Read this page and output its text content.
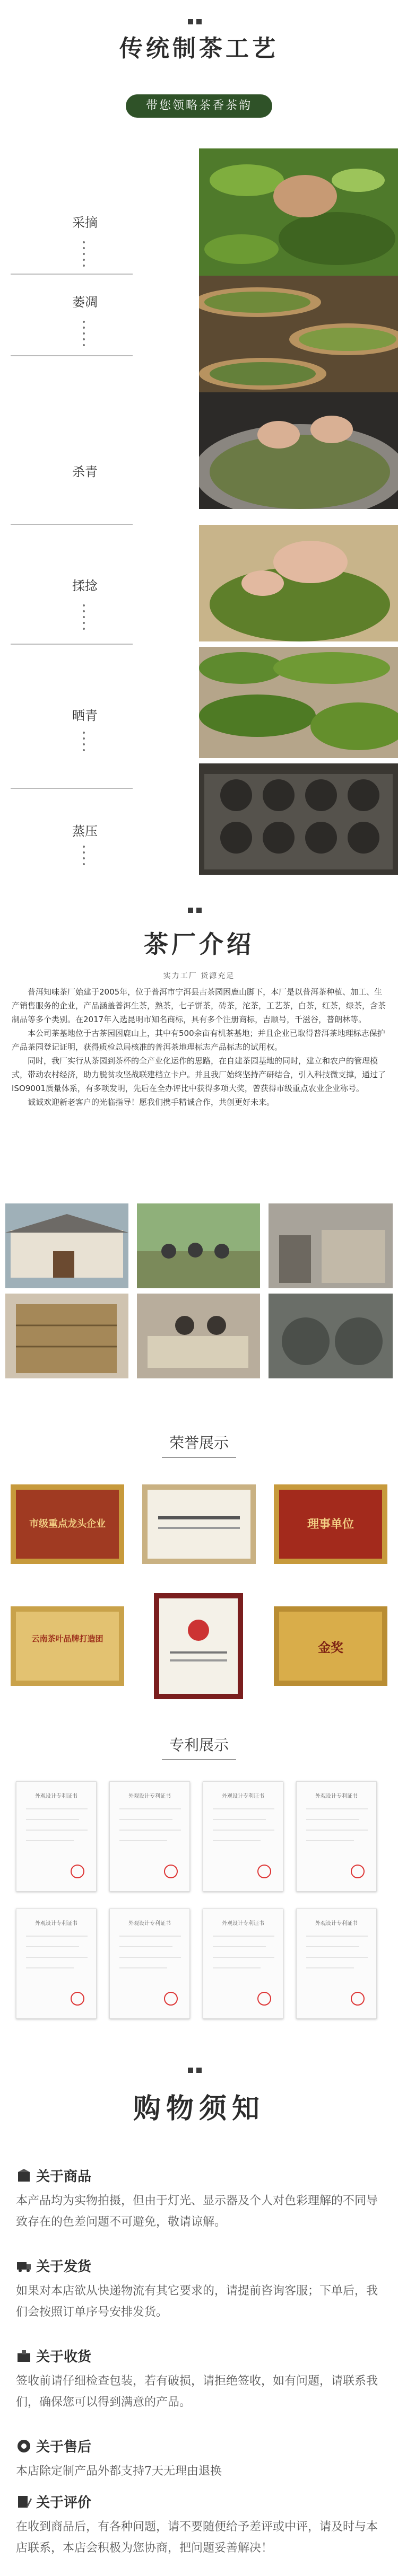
传统制茶工艺
带您领略茶香茶韵
采摘
萎凋
杀青
揉捻
晒青
蒸压
茶厂介绍
实力工厂 货源充足

普洱知味茶厂始建于2005年，位于普洱市宁洱县古茶园困鹿山脚下，本厂是以普洱茶种植、加工、生产销售服务的企业，产品涵盖普洱生茶，熟茶，七子饼茶，砖茶，沱茶，工艺茶，白茶，红茶，绿茶，含茶制品等多个类别。在2017年入选昆明市知名商标，具有多个注册商标，吉顺号，千滋谷，普朗林等。

本公司茶基地位于古茶园困鹿山上，其中有500余亩有机茶基地；并且企业已取得普洱茶地理标志保护产品茶园登记证明，获得质检总局核准的普洱茶地理标志产品标志的试用权。

同时，我厂实行从茶园到茶杯的全产业化运作的思路，在自建茶园基地的同时，建立和农户的管理模式，带动农村经济，助力脱贫攻坚战联建档立卡户。并且我厂始终坚持产研结合，引入科技微支撑，通过了ISO9001质量体系，有多项发明，先后在全办评比中获得多项大奖，曾获得市级重点农业企业称号。

诚诚欢迎新老客户的光临指导！愿我们携手精诚合作，共创更好未来。

荣誉展示
市级重点龙头企业	理事单位
云南茶叶品牌打造团
金奖
专利展示
外观设计专利证书	外观设计专利证书	外观设计专利证书	外观设计专利证书
外观设计专利证书	外观设计专利证书	外观设计专利证书	外观设计专利证书
购物须知
关于商品
本产品均为实物拍摄，但由于灯光、显示器及个人对色彩理解的不同导致存在的色差问题不可避免，敬请谅解。
关于发货
如果对本店欲从快递物流有其它要求的，请提前咨询客服；下单后，我们会按照订单序号安排发货。
关于收货
签收前请仔细检查包装，若有破损，请拒绝签收，如有问题，请联系我们，确保您可以得到满意的产品。
关于售后
本店除定制产品外都支持7天无理由退换
关于评价
在收到商品后，有各种问题，请不要随便给予差评或中评，请及时与本店联系，本店会积极为您协商，把问题妥善解决！
